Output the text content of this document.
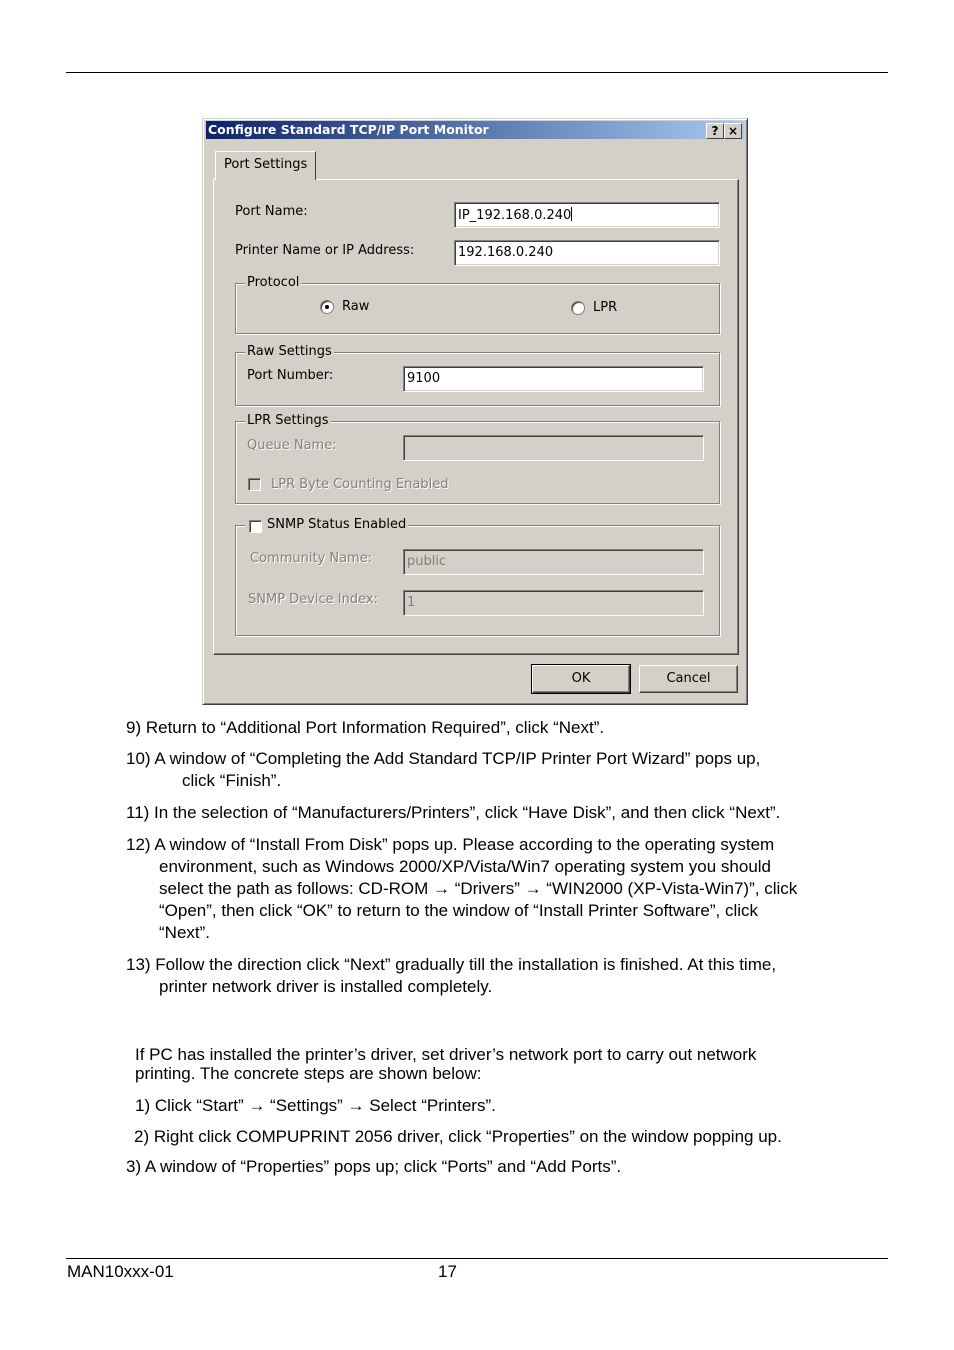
Configure Standard TCP/IP Port Monitor	? ×
Port Settings
Port Name:	IP_192.168.0.240
Printer Name or IP Address:	192.168.0.240
Protocol
Raw	LPR
Raw Settings
Port Number:	9100
LPR Settings
Queue Name:
LPR Byte Counting Enabled
SNMP Status Enabled
Community Name:	public
SNMP Device Index:	1
OK	Cancel
9) Return to “Additional Port Information Required”, click “Next”.
10) A window of “Completing the Add Standard TCP/IP Printer Port Wizard” pops up,
click “Finish”.
11) In the selection of “Manufacturers/Printers”, click “Have Disk”, and then click “Next”.
12) A window of “Install From Disk” pops up. Please according to the operating system
environment, such as Windows 2000/XP/Vista/Win7 operating system you should
select the path as follows: CD-ROM → “Drivers” → “WIN2000 (XP-Vista-Win7)”, click
“Open”, then click “OK” to return to the window of “Install Printer Software”, click
“Next”.
13) Follow the direction click “Next” gradually till the installation is finished. At this time,
printer network driver is installed completely.
If PC has installed the printer’s driver, set driver’s network port to carry out network
printing. The concrete steps are shown below:
1) Click “Start” → “Settings” → Select “Printers”.
2) Right click COMPUPRINT 2056 driver, click “Properties” on the window popping up.
3) A window of “Properties” pops up; click “Ports” and “Add Ports”.
MAN10xxx-01	17
